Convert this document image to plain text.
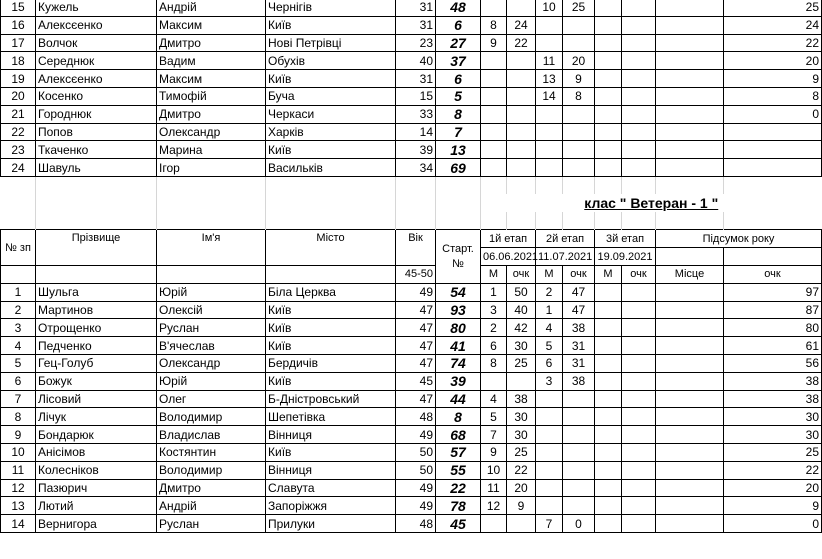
15	Кужель	Андрій	Чернігів	31	48			10	25				25
16	Алексєенко	Максим	Київ	31	6	8	24						24
17	Волчок	Дмитро	Нові Петрівці	23	27	9	22						22
18	Середнюк	Вадим	Обухів	40	37			11	20				20
19	Алексєенко	Максим	Київ	31	6			13	9				9
20	Косенко	Тимофій	Буча	15	5			14	8				8
21	Городнюк	Дмитро	Черкаси	33	8								0
22	Попов	Олександр	Харків	14	7								
23	Ткаченко	Марина	Київ	39	13								
24	Шавуль	Ігор	Васильків	34	69								

						клас " Ветеран - 1 "							

№ зп	Прізвище	Ім'я	Місто	Вік	Старт. №	1й етап		2й етап		3й етап		Підсумок року	
						06.06.2021		11.07.2021		19.09.2021			
				45-50		М	очк	М	очк	М	очк	Місце	очк
1	Шульга	Юрій	Біла Церква	49	54	1	50	2	47				97
2	Мартинов	Олексій	Київ	47	93	3	40	1	47				87
3	Отрощенко	Руслан	Київ	47	80	2	42	4	38				80
4	Педченко	В'ячеслав	Київ	47	41	6	30	5	31				61
5	Гец-Голуб	Олександр	Бердичів	47	74	8	25	6	31				56
6	Божук	Юрій	Київ	45	39			3	38				38
7	Лісовий	Олег	Б-Дністровський	47	44	4	38						38
8	Лічук	Володимир	Шепетівка	48	8	5	30						30
9	Бондарюк	Владислав	Вінниця	49	68	7	30						30
10	Анісімов	Костянтин	Київ	50	57	9	25						25
11	Колесніков	Володимир	Вінниця	50	55	10	22						22
12	Пазюрич	Дмитро	Славута	49	22	11	20						20
13	Лютий	Андрій	Запоріжжя	49	78	12	9						9
14	Вернигора	Руслан	Прилуки	48	45			7	0				0
